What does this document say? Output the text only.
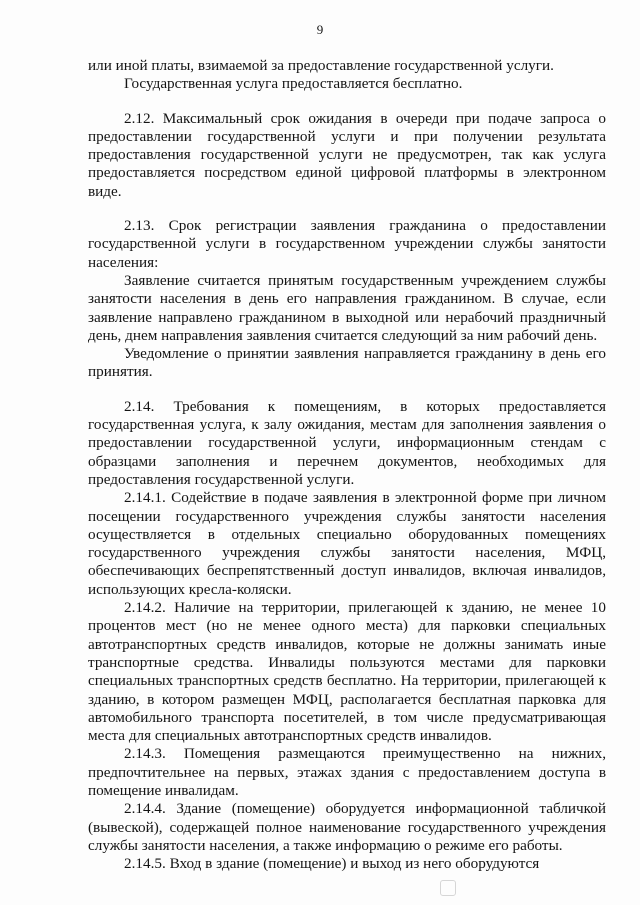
9

или иной платы, взимаемой за предоставление государственной услуги.

Государственная услуга предоставляется бесплатно.

2.12. Максимальный срок ожидания в очереди при подаче запроса о предоставлении государственной услуги и при получении результата предоставления государственной услуги не предусмотрен, так как услуга предоставляется посредством единой цифровой платформы в электронном виде.

2.13. Срок регистрации заявления гражданина о предоставлении государственной услуги в государственном учреждении службы занятости населения:

Заявление считается принятым государственным учреждением службы занятости населения в день его направления гражданином. В случае, если заявление направлено гражданином в выходной или нерабочий праздничный день, днем направления заявления считается следующий за ним рабочий день.

Уведомление о принятии заявления направляется гражданину в день его принятия.

2.14. Требования к помещениям, в которых предоставляется государственная услуга, к залу ожидания, местам для заполнения заявления о предоставлении государственной услуги, информационным стендам с образцами заполнения и перечнем документов, необходимых для предоставления государственной услуги.

2.14.1. Содействие в подаче заявления в электронной форме при личном посещении государственного учреждения службы занятости населения осуществляется в отдельных специально оборудованных помещениях государственного учреждения службы занятости населения, МФЦ, обеспечивающих беспрепятственный доступ инвалидов, включая инвалидов, использующих кресла-коляски.

2.14.2. Наличие на территории, прилегающей к зданию, не менее 10 процентов мест (но не менее одного места) для парковки специальных автотранспортных средств инвалидов, которые не должны занимать иные транспортные средства. Инвалиды пользуются местами для парковки специальных транспортных средств бесплатно. На территории, прилегающей к зданию, в котором размещен МФЦ, располагается бесплатная парковка для автомобильного транспорта посетителей, в том числе предусматривающая места для специальных автотранспортных средств инвалидов.

2.14.3. Помещения размещаются преимущественно на нижних, предпочтительнее на первых, этажах здания с предоставлением доступа в помещение инвалидам.

2.14.4. Здание (помещение) оборудуется информационной табличкой (вывеской), содержащей полное наименование государственного учреждения службы занятости населения, а также информацию о режиме его работы.

2.14.5. Вход в здание (помещение) и выход из него оборудуются
